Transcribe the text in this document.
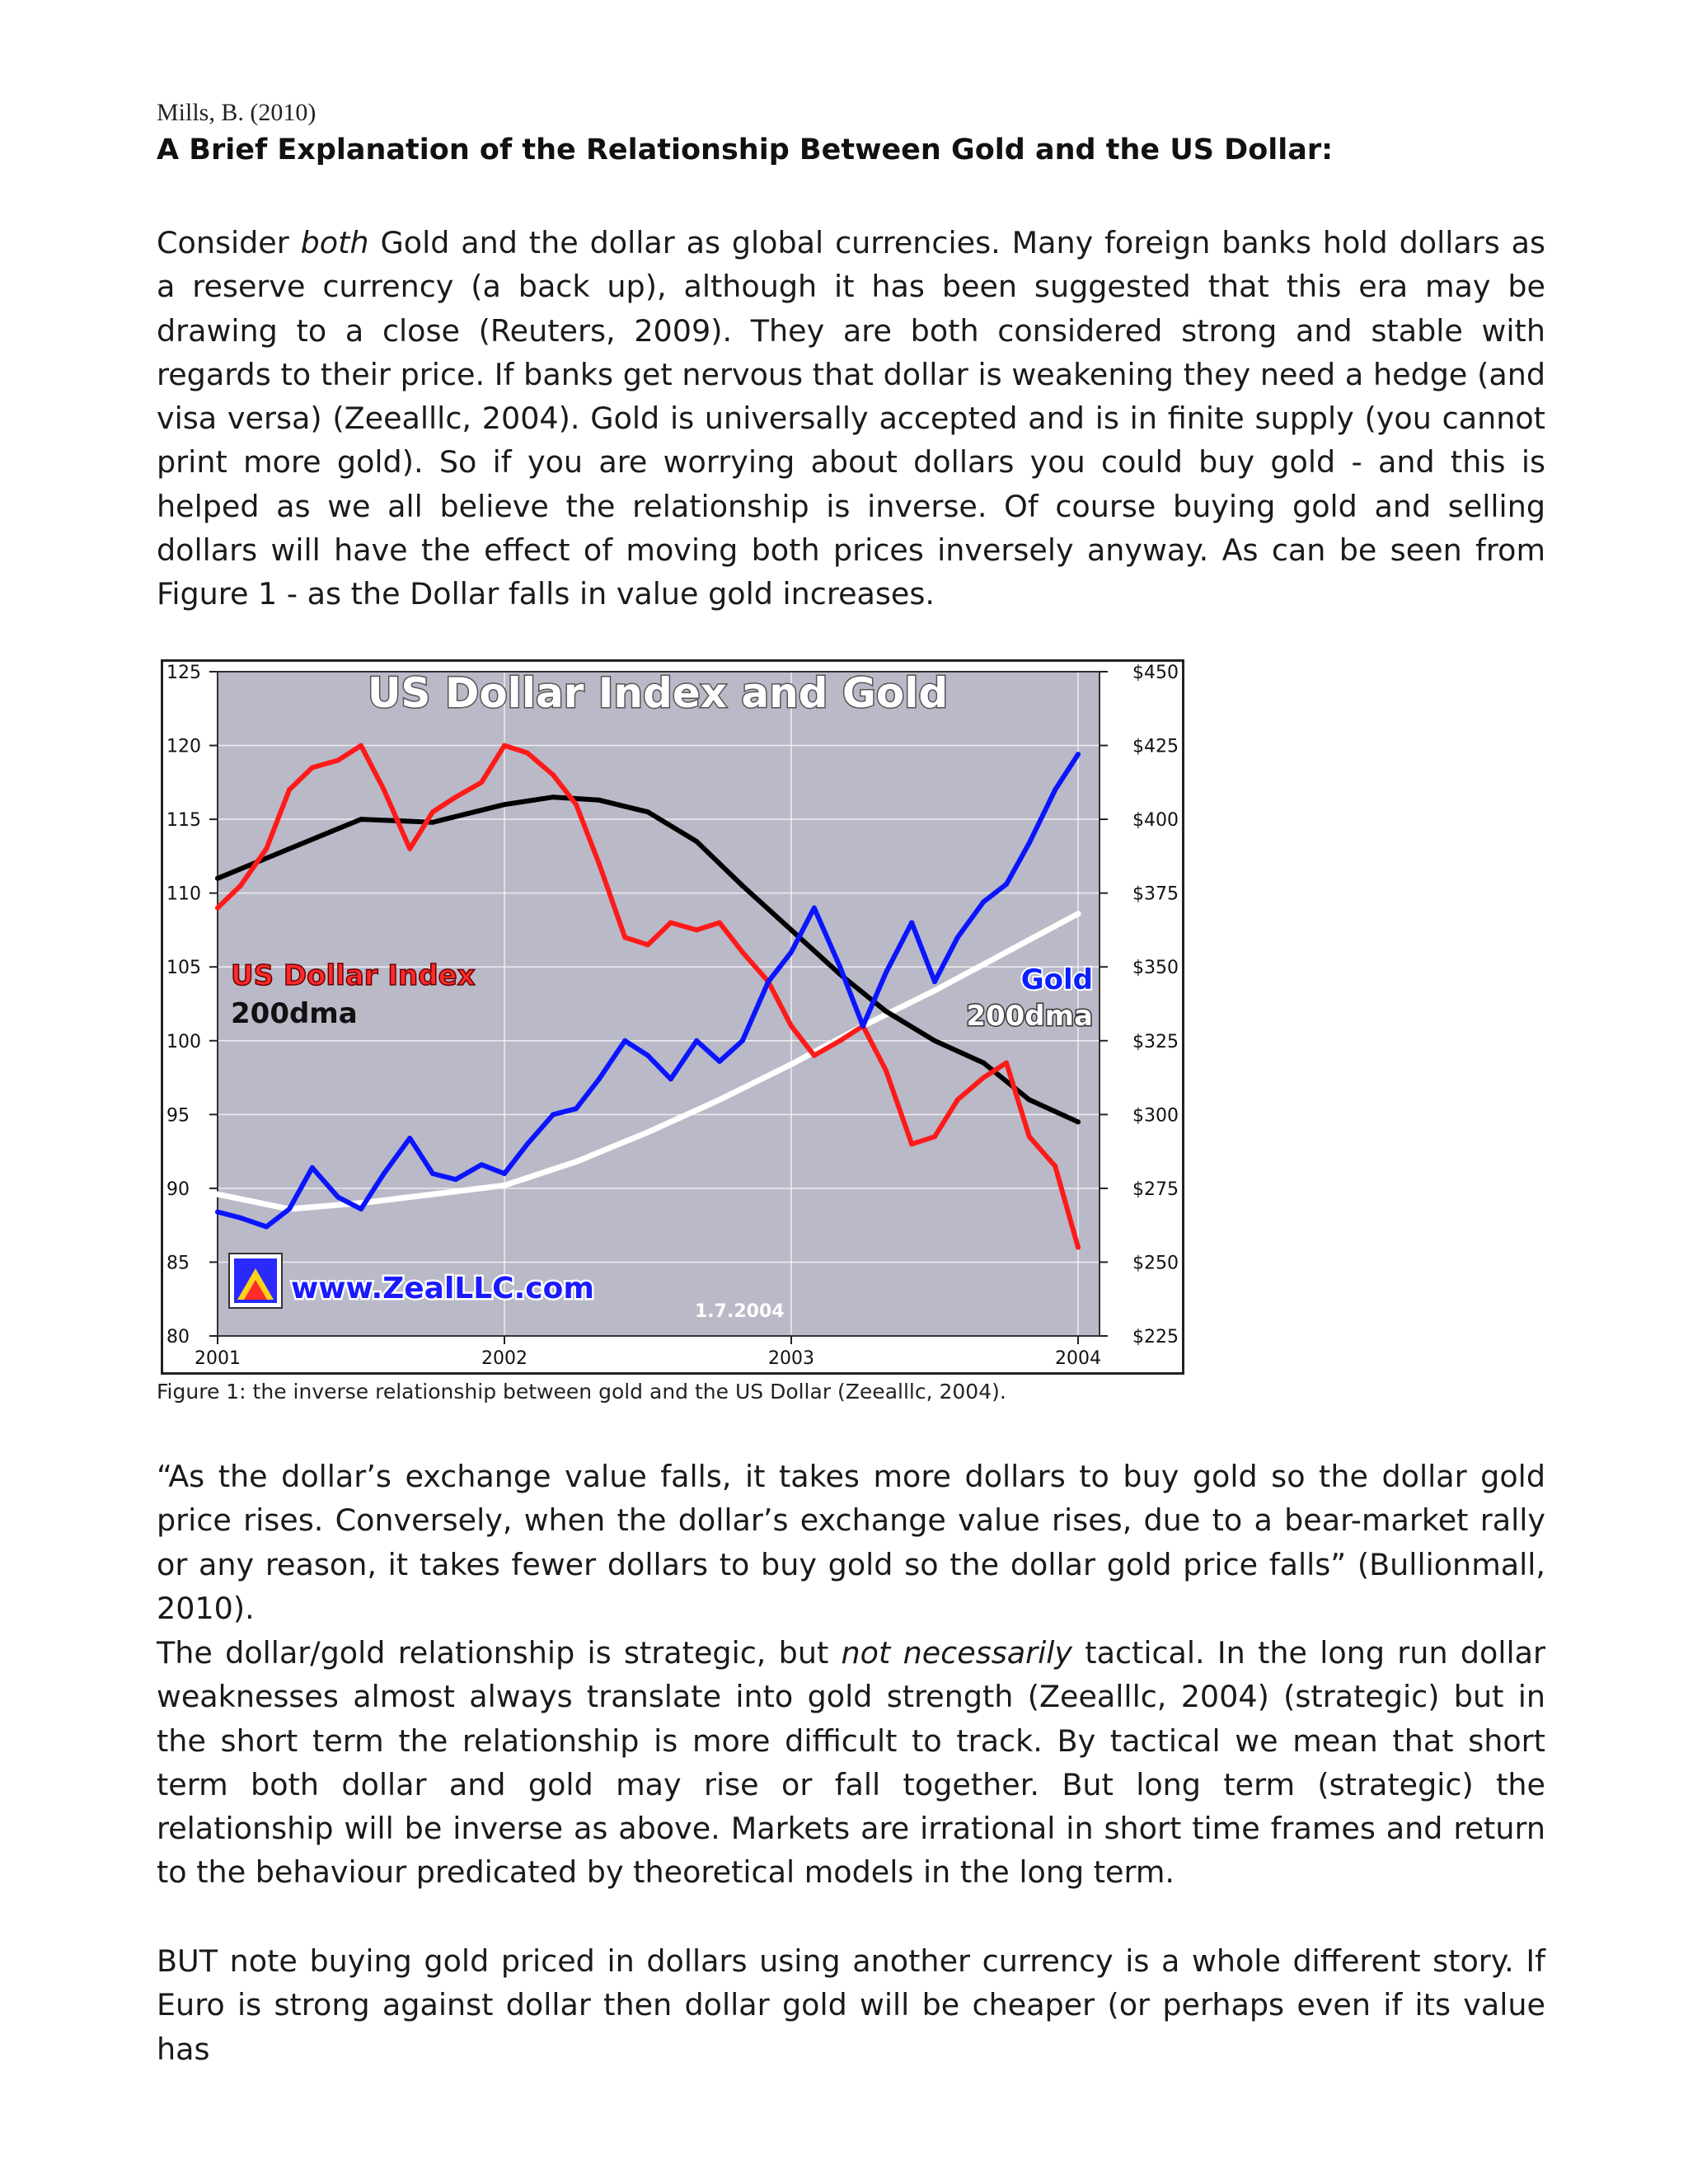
Mills, B. (2010)
A Brief Explanation of the Relationship Between Gold and the US Dollar:
Consider both Gold and the dollar as global currencies. Many foreign banks hold dollars as a reserve currency (a back up), although it has been suggested that this era may be drawing to a close (Reuters, 2009). They are both considered strong and stable with regards to their price. If banks get nervous that dollar is weakening they need a hedge (and visa versa) (Zeealllc, 2004). Gold is universally accepted and is in finite supply (you cannot print more gold). So if you are worrying about dollars you could buy gold - and this is helped as we all believe the relationship is inverse. Of course buying gold and selling dollars will have the effect of moving both prices inversely anyway. As can be seen from Figure 1 - as the Dollar falls in value gold increases.
80
85
90
95
100
105
110
115
120
125
$225
$250
$275
$300
$325
$350
$375
$400
$425
$450
2001	2002	2003	2004
US Dollar Index and Gold
US Dollar Index
200dma
Gold
200dma
www.ZealLLC.com
1.7.2004
Figure 1: the inverse relationship between gold and the US Dollar (Zeealllc, 2004).
“As the dollar’s exchange value falls, it takes more dollars to buy gold so the dollar gold price rises. Conversely, when the dollar’s exchange value rises, due to a bear-market rally or any reason, it takes fewer dollars to buy gold so the dollar gold price falls” (Bullionmall, 2010).
The dollar/gold relationship is strategic, but not necessarily tactical. In the long run dollar weaknesses almost always translate into gold strength (Zeealllc, 2004) (strategic) but in the short term the relationship is more difficult to track. By tactical we mean that short term both dollar and gold may rise or fall together. But long term (strategic) the relationship will be inverse as above. Markets are irrational in short time frames and return to the behaviour predicated by theoretical models in the long term.
BUT note buying gold priced in dollars using another currency is a whole different story. If Euro is strong against dollar then dollar gold will be cheaper (or perhaps even if its value has
